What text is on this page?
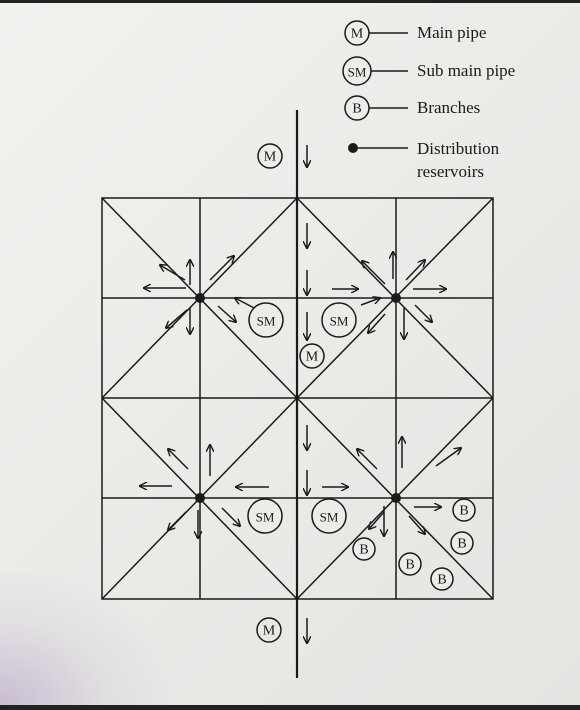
M	Main pipe
SM	Sub main pipe
B	Branches
Distribution
reservoirs
M
M
M
SM	SM
SM	SM	B
B	B
B
B
